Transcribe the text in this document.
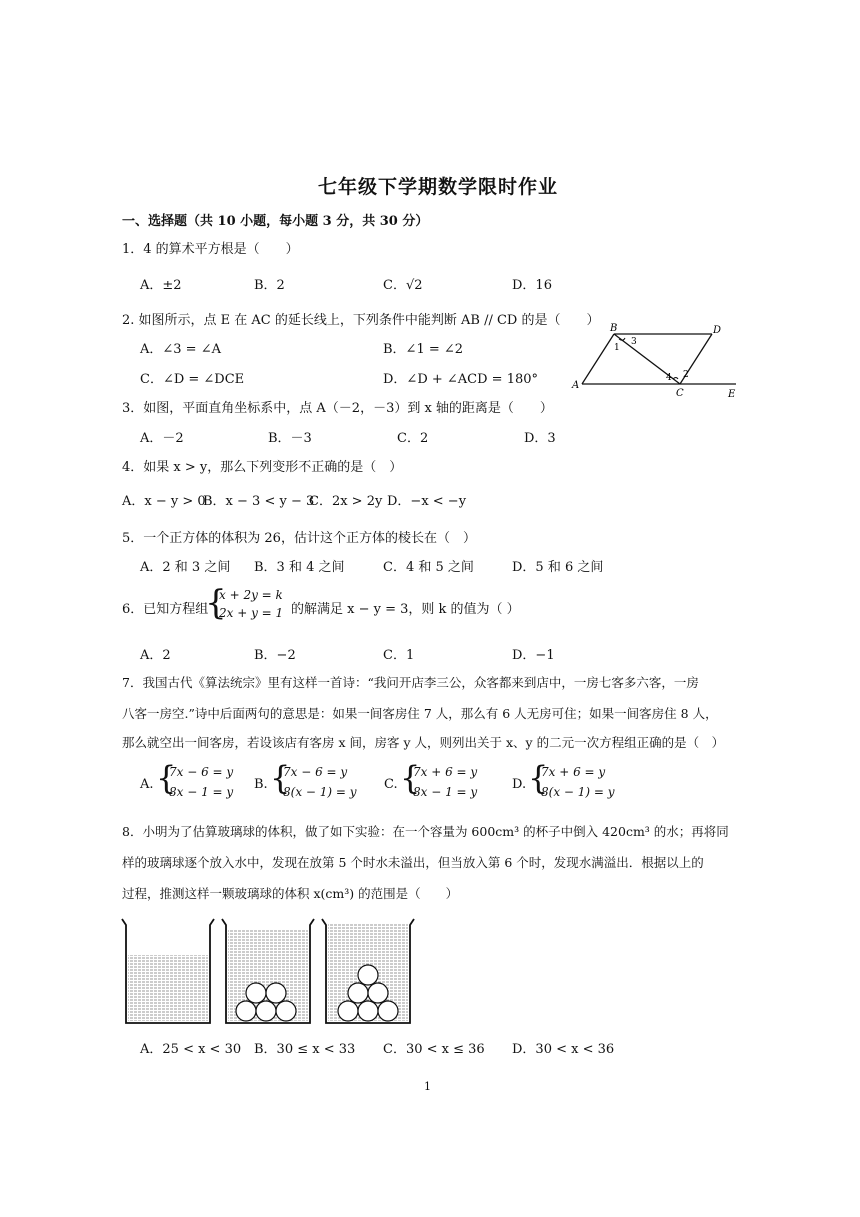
七年级下学期数学限时作业
一、选择题（共 10 小题，每小题 3 分，共 30 分）
1．4 的算术平方根是（　　）
A．±2	B．2	C．√2	D．16
2. 如图所示，点 E 在 AC 的延长线上，下列条件中能判断 AB // CD 的是（　　）
A．∠3 = ∠A	B．∠1 = ∠2
C．∠D = ∠DCE	D．∠D + ∠ACD = 180°
B	D
1
3
A
4 2
C	E
3．如图，平面直角坐标系中，点 A（－2，－3）到 x 轴的距离是（　　）
A．－2	B．－3	C．2	D．3
4．如果 x > y，那么下列变形不正确的是（　）
A．x − y > 0
B．x − 3 < y − 3
C．2x > 2y D．−x < −y
5．一个正方体的体积为 26，估计这个正方体的棱长在（　）
A．2 和 3 之间 B．3 和 4 之间	C．4 和 5 之间	D．5 和 6 之间
6．已知方程组
{
x + 2y = k
2x + y = 1 的解满足 x − y = 3，则 k 的值为（ ）
A．2	B．−2	C．1	D．−1
7．我国古代《算法统宗》里有这样一首诗：“我问开店李三公，众客都来到店中，一房七客多六客，一房
八客一房空.”诗中后面两句的意思是：如果一间客房住 7 人，那么有 6 人无房可住；如果一间客房住 8 人，
那么就空出一间客房，若设该店有客房 x 间，房客 y 人，则列出关于 x、y 的二元一次方程组正确的是（　）
A. {
7x − 6 = y
8x − 1 = y B. {
7x − 6 = y
8(x − 1) = y C. {
7x + 6 = y
8x − 1 = y	D. {
7x + 6 = y
8(x − 1) = y
8．小明为了估算玻璃球的体积，做了如下实验：在一个容量为 600cm³ 的杯子中倒入 420cm³ 的水；再将同
样的玻璃球逐个放入水中，发现在放第 5 个时水未溢出，但当放入第 6 个时，发现水满溢出．根据以上的
过程，推测这样一颗玻璃球的体积 x(cm³) 的范围是（　　）
A．25 < x < 30 B．30 ≤ x < 33 C．30 < x ≤ 36 D．30 < x < 36
1
